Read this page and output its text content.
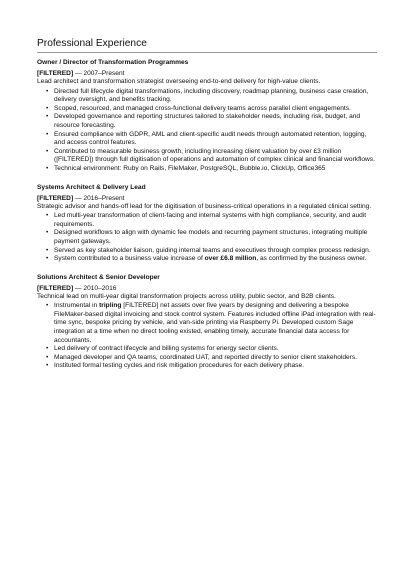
Professional Experience
Owner / Director of Transformation Programmes
[FILTERED] — 2007–Present
Lead architect and transformation strategist overseeing end-to-end delivery for high-value clients.
• Directed full lifecycle digital transformations, including discovery, roadmap planning, business case creation, delivery oversight, and benefits tracking.
• Scoped, resourced, and managed cross-functional delivery teams across parallel client engagements.
• Developed governance and reporting structures tailored to stakeholder needs, including risk, budget, and resource forecasting.
• Ensured compliance with GDPR, AML and client-specific audit needs through automated retention, logging, and access control features.
• Contributed to measurable business growth, including increasing client valuation by over £3 million ([FILTERED]) through full digitisation of operations and automation of complex clinical and financial workflows.
• Technical environment: Ruby on Rails, FileMaker, PostgreSQL, Bubble.io, ClickUp, Office365
Systems Architect & Delivery Lead
[FILTERED] — 2016–Present
Strategic advisor and hands-off lead for the digitisation of business-critical operations in a regulated clinical setting.
• Led multi-year transformation of client-facing and internal systems with high compliance, security, and audit requirements.
• Designed workflows to align with dynamic fee models and recurring payment structures, integrating multiple payment gateways.
• Served as key stakeholder liaison, guiding internal teams and executives through complex process redesign.
• System contributed to a business value increase of over £6.8 million, as confirmed by the business owner.
Solutions Architect & Senior Developer
[FILTERED] — 2010–2016
Technical lead on multi-year digital transformation projects across utility, public sector, and B2B clients.
• Instrumental in tripling [FILTERED] net assets over five years by designing and delivering a bespoke FileMaker-based digital invoicing and stock control system. Features included offline iPad integration with real-time sync, bespoke pricing by vehicle, and van-side printing via Raspberry Pi. Developed custom Sage integration at a time when no direct tooling existed, enabling timely, accurate financial data access for accountants.
• Led delivery of contract lifecycle and billing systems for energy sector clients.
• Managed developer and QA teams, coordinated UAT, and reported directly to senior client stakeholders.
• Instituted formal testing cycles and risk mitigation procedures for each delivery phase.
